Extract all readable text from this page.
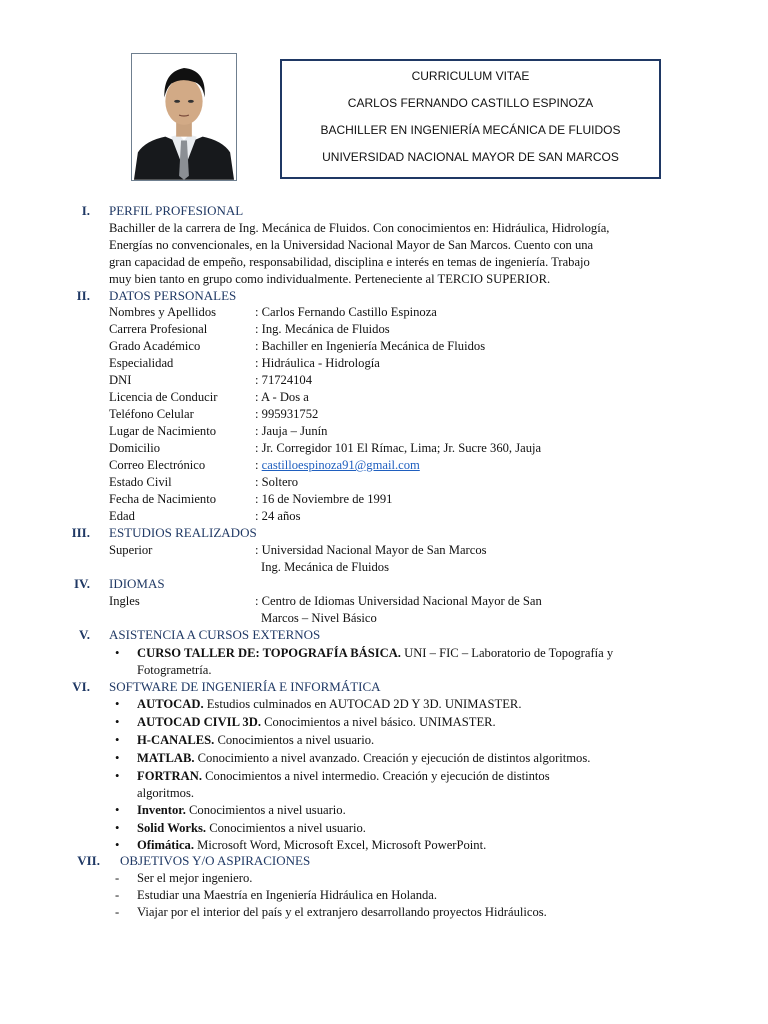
CURRICULUM VITAE
CARLOS FERNANDO CASTILLO ESPINOZA
BACHILLER EN INGENIERÍA MECÁNICA DE FLUIDOS
UNIVERSIDAD NACIONAL MAYOR DE SAN MARCOS
I. PERFIL PROFESIONAL
Bachiller de la carrera de Ing. Mecánica de Fluidos. Con conocimientos en: Hidráulica, Hidrología,
Energías no convencionales, en la Universidad Nacional Mayor de San Marcos. Cuento con una
gran capacidad de empeño, responsabilidad, disciplina e interés en temas de ingeniería. Trabajo
muy bien tanto en grupo como individualmente. Perteneciente al TERCIO SUPERIOR.
II. DATOS PERSONALES
Nombres y Apellidos	: Carlos Fernando Castillo Espinoza
Carrera Profesional	: Ing. Mecánica de Fluidos
Grado Académico	: Bachiller en Ingeniería Mecánica de Fluidos
Especialidad	: Hidráulica - Hidrología
DNI	: 71724104
Licencia de Conducir	: A - Dos a
Teléfono Celular	: 995931752
Lugar de Nacimiento	: Jauja – Junín
Domicilio	: Jr. Corregidor 101 El Rímac, Lima; Jr. Sucre 360, Jauja
Correo Electrónico	: castilloespinoza91@gmail.com
Estado Civil	: Soltero
Fecha de Nacimiento	: 16 de Noviembre de 1991
Edad	: 24 años
III. ESTUDIOS REALIZADOS
Superior	: Universidad Nacional Mayor de San Marcos
Ing. Mecánica de Fluidos
IV. IDIOMAS
Ingles	: Centro de Idiomas Universidad Nacional Mayor de San
Marcos – Nivel Básico
V. ASISTENCIA A CURSOS EXTERNOS
• CURSO TALLER DE: TOPOGRAFÍA BÁSICA. UNI – FIC – Laboratorio de Topografía y
Fotogrametría.
VI. SOFTWARE DE INGENIERÍA E INFORMÁTICA
• AUTOCAD. Estudios culminados en AUTOCAD 2D Y 3D. UNIMASTER.
• AUTOCAD CIVIL 3D. Conocimientos a nivel básico. UNIMASTER.
• H-CANALES. Conocimientos a nivel usuario.
• MATLAB. Conocimiento a nivel avanzado. Creación y ejecución de distintos algoritmos.
• FORTRAN. Conocimientos a nivel intermedio. Creación y ejecución de distintos
algoritmos.
• Inventor. Conocimientos a nivel usuario.
• Solid Works. Conocimientos a nivel usuario.
• Ofimática. Microsoft Word, Microsoft Excel, Microsoft PowerPoint.
VII. OBJETIVOS Y/O ASPIRACIONES
- Ser el mejor ingeniero.
- Estudiar una Maestría en Ingeniería Hidráulica en Holanda.
- Viajar por el interior del país y el extranjero desarrollando proyectos Hidráulicos.
